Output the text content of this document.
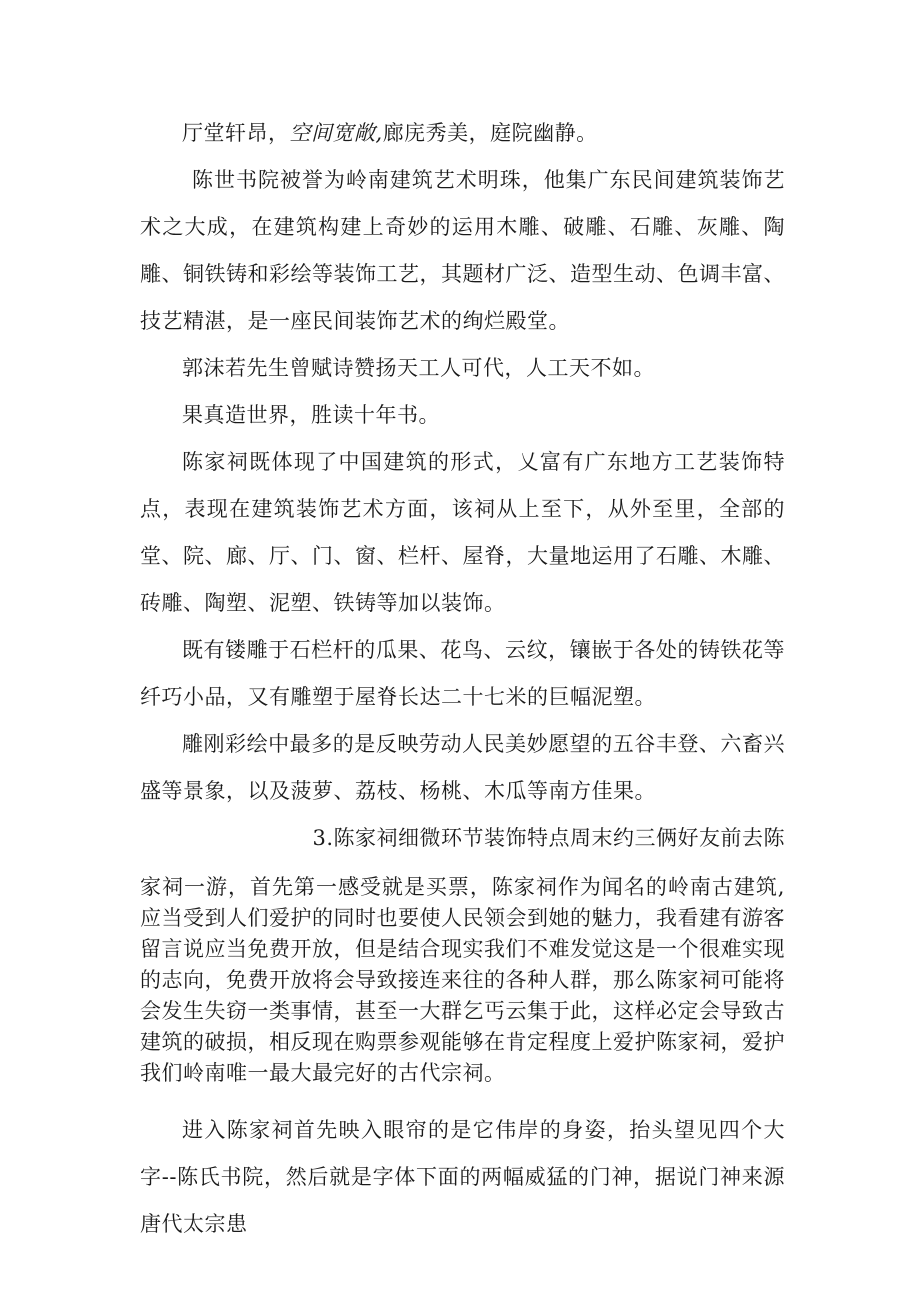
厅堂轩昂，空间宽敞,廊庑秀美，庭院幽静。

陈世书院被誉为岭南建筑艺术明珠，他集广东民间建筑装饰艺术之大成，在建筑构建上奇妙的运用木雕、破雕、石雕、灰雕、陶雕、铜铁铸和彩绘等装饰工艺，其题材广泛、造型生动、色调丰富、技艺精湛，是一座民间装饰艺术的绚烂殿堂。

郭沫若先生曾赋诗赞扬天工人可代，人工天不如。

果真造世界，胜读十年书。

陈家祠既体现了中国建筑的形式，乂富有广东地方工艺装饰特点，表现在建筑装饰艺术方面，该祠从上至下，从外至里，全部的堂、院、廊、厅、门、窗、栏杆、屋脊，大量地运用了石雕、木雕、砖雕、陶塑、泥塑、铁铸等加以装饰。

既有镂雕于石栏杆的瓜果、花鸟、云纹，镶嵌于各处的铸铁花等纤巧小品，又有雕塑于屋脊长达二十七米的巨幅泥塑。

雕刚彩绘中最多的是反映劳动人民美妙愿望的五谷丰登、六畜兴盛等景象，以及菠萝、荔枝、杨桃、木瓜等南方佳果。

3.陈家祠细微环节装饰特点周末约三俩好友前去陈

家祠一游，首先第一感受就是买票，陈家祠作为闻名的岭南古建筑,应当受到人们爱护的同时也要使人民领会到她的魅力，我看建有游客留言说应当免费开放，但是结合现实我们不难发觉这是一个很难实现的志向，免费开放将会导致接连来往的各种人群，那么陈家祠可能将会发生失窃一类事情，甚至一大群乞丐云集于此，这样必定会导致古建筑的破损，相反现在购票参观能够在肯定程度上爱护陈家祠，爱护我们岭南唯一最大最完好的古代宗祠。

进入陈家祠首先映入眼帘的是它伟岸的身姿，抬头望见四个大字--陈氏书院，然后就是字体下面的两幅威猛的门神，据说门神来源唐代太宗患
